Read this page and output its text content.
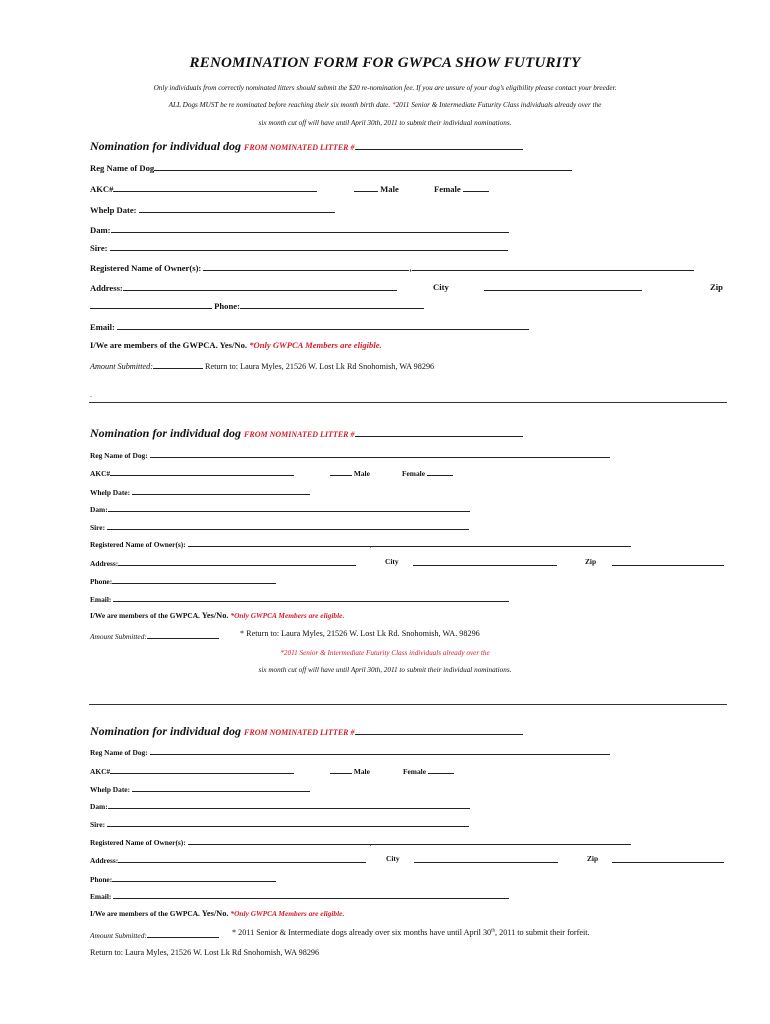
RENOMINATION FORM FOR GWPCA SHOW FUTURITY
Only individuals from correctly nominated litters should submit the $20 re-nomination fee. If you are unsure of your dog’s eligibility please contact your breeder.
ALL Dogs MUST be re nominated before reaching their six month birth date. *2011 Senior & Intermediate Futurity Class individuals already over the
six month cut off will have until April 30th, 2011 to submit their individual nominations.
Nomination for individual dog FROM NOMINATED LITTER #
Reg Name of Dog
AKC#	Male	Female
Whelp Date:
Dam:
Sire:
Registered Name of Owner(s):	,
Address:	City	Zip
Phone:
Email:
I/We are members of the GWPCA. Yes/No. *Only GWPCA Members are eligible.
Amount Submitted:	Return to: Laura Myles, 21526 W. Lost Lk Rd Snohomish, WA 98296
.
Nomination for individual dog FROM NOMINATED LITTER #
Reg Name of Dog:
AKC#	Male	Female
Whelp Date:
Dam:
Sire:
Registered Name of Owner(s):	,
Address:	City	Zip
Phone:
Email:
I/We are members of the GWPCA. Yes/No. *Only GWPCA Members are eligible.
Amount Submitted:	* Return to: Laura Myles, 21526 W. Lost Lk Rd. Snohomish, WA. 98296
*2011 Senior & Intermediate Futurity Class individuals already over the
six month cut off will have until April 30th, 2011 to submit their individual nominations.
Nomination for individual dog FROM NOMINATED LITTER #
Reg Name of Dog:
AKC#	Male	Female
Whelp Date:
Dam:
Sire:
Registered Name of Owner(s):	,
Address:	City	Zip
Phone:
Email:
I/We are members of the GWPCA. Yes/No. *Only GWPCA Members are eligible.
Amount Submitted:	* 2011 Senior & Intermediate dogs already over six months have until April 30th, 2011 to submit their forfeit.
Return to: Laura Myles, 21526 W. Lost Lk Rd Snohomish, WA 98296
